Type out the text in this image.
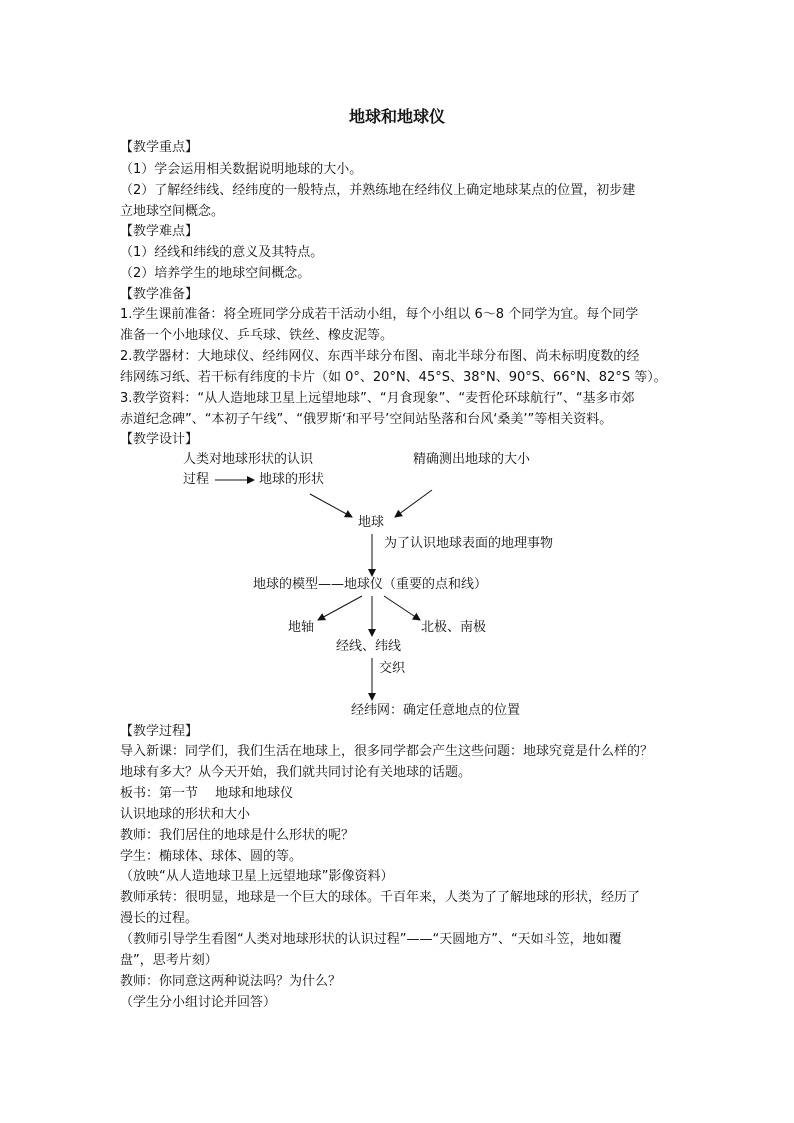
地球和地球仪
【教学重点】
（1）学会运用相关数据说明地球的大小。
（2）了解经纬线、经纬度的一般特点，并熟练地在经纬仪上确定地球某点的位置，初步建
立地球空间概念。
【教学难点】
（1）经线和纬线的意义及其特点。
（2）培养学生的地球空间概念。
【教学准备】
1.学生课前准备：将全班同学分成若干活动小组，每个小组以 6～8 个同学为宜。每个同学
准备一个小地球仪、乒乓球、铁丝、橡皮泥等。
2.教学器材：大地球仪、经纬网仪、东西半球分布图、南北半球分布图、尚未标明度数的经
纬网练习纸、若干标有纬度的卡片（如 0°、20°N、45°S、38°N、90°S、66°N、82°S 等）。
3.教学资料：“从人造地球卫星上远望地球”、“月食现象”、“麦哲伦环球航行”、“基多市郊
赤道纪念碑”、“本初子午线”、“俄罗斯‘和平号’空间站坠落和台风‘桑美’”等相关资料。
【教学设计】
人类对地球形状的认识
过程	地球的形状
精确测出地球的大小
地球
为了认识地球表面的地理事物
地球的模型——地球仪（重要的点和线）
地轴
经线、纬线
北极、南极
交织
经纬网：确定任意地点的位置
【教学过程】
导入新课：同学们，我们生活在地球上，很多同学都会产生这些问题：地球究竟是什么样的？
地球有多大？从今天开始，我们就共同讨论有关地球的话题。
板书：第一节　 地球和地球仪
认识地球的形状和大小
教师：我们居住的地球是什么形状的呢？
学生：椭球体、球体、圆的等。
（放映“从人造地球卫星上远望地球”影像资料）
教师承转：很明显，地球是一个巨大的球体。千百年来，人类为了了解地球的形状，经历了
漫长的过程。
（教师引导学生看图“人类对地球形状的认识过程”——“天圆地方”、“天如斗笠，地如覆
盘”，思考片刻）
教师：你同意这两种说法吗？为什么？
（学生分小组讨论并回答）
